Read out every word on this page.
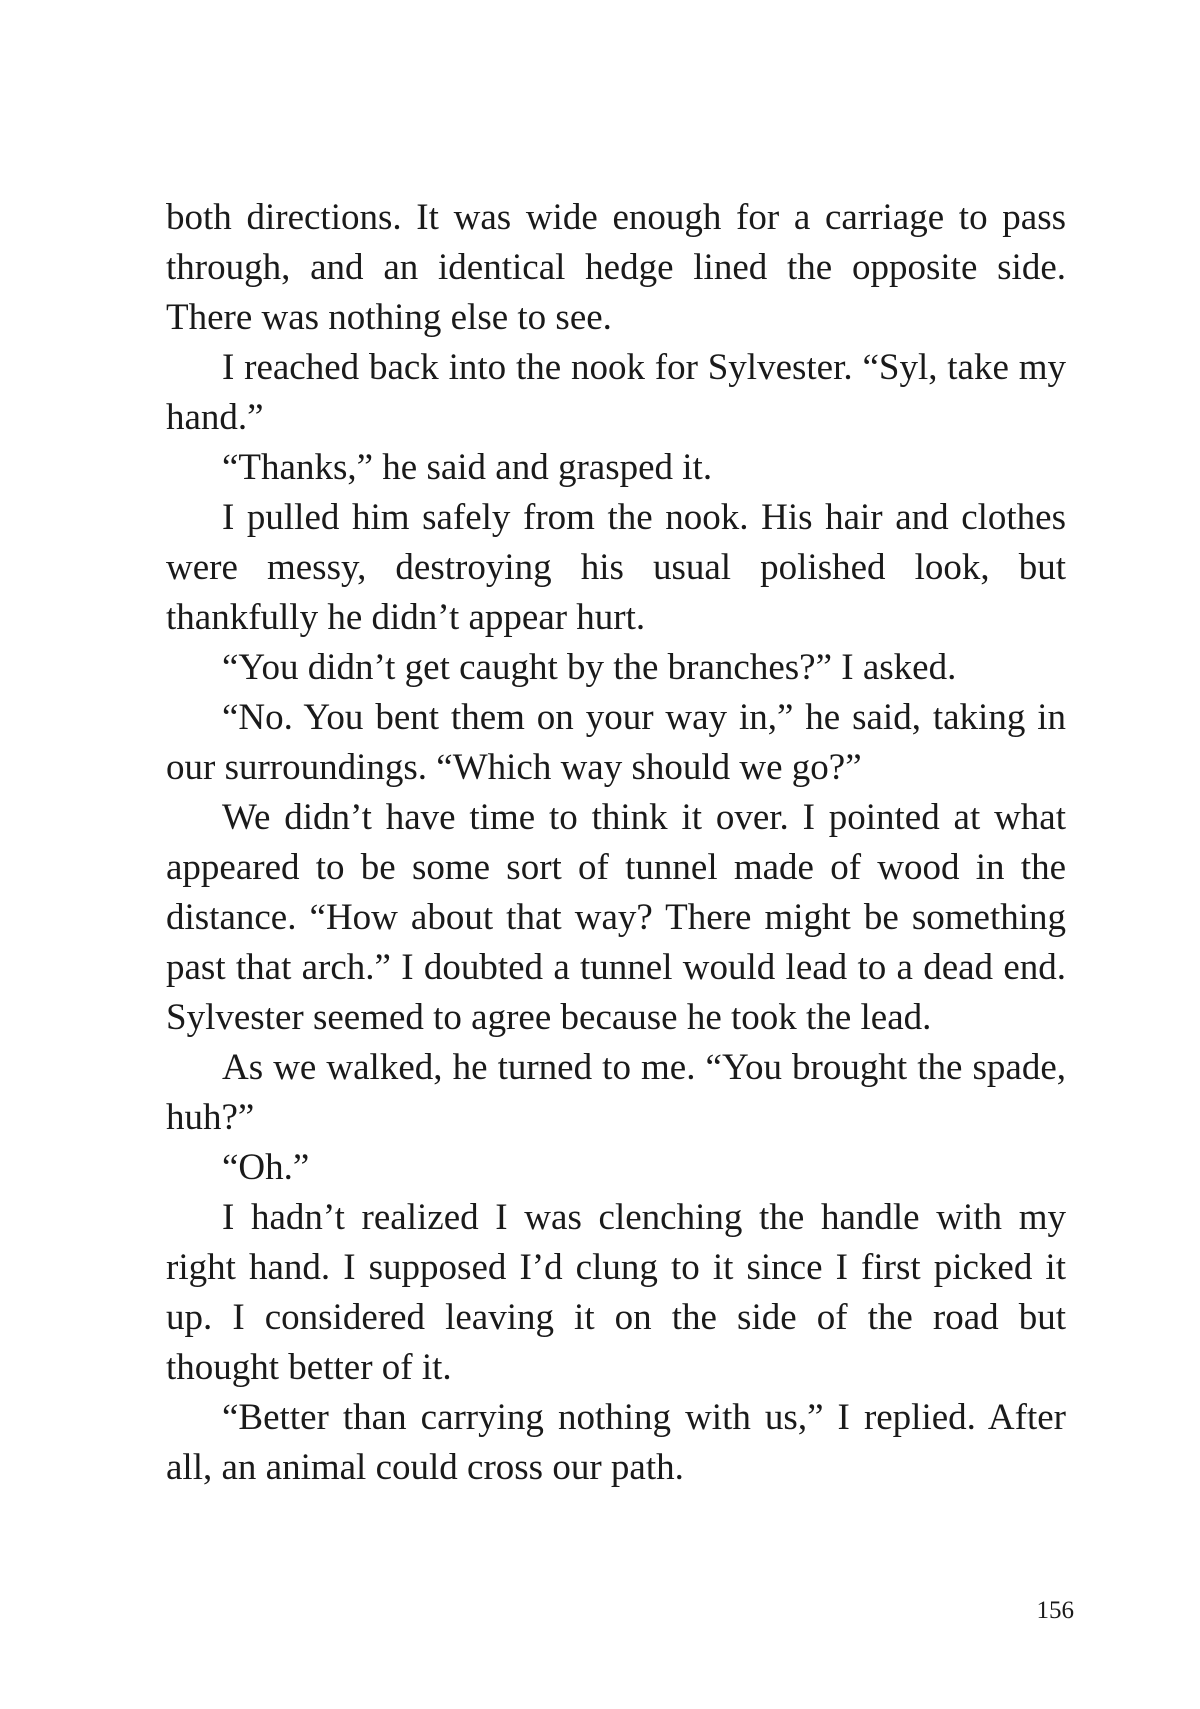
both directions. It was wide enough for a carriage to pass through, and an identical hedge lined the opposite side. There was nothing else to see.

I reached back into the nook for Sylvester. “Syl, take my hand.”

“Thanks,” he said and grasped it.

I pulled him safely from the nook. His hair and clothes were messy, destroying his usual polished look, but thankfully he didn’t appear hurt.

“You didn’t get caught by the branches?” I asked.

“No. You bent them on your way in,” he said, taking in our surroundings. “Which way should we go?”

We didn’t have time to think it over. I pointed at what appeared to be some sort of tunnel made of wood in the distance. “How about that way? There might be something past that arch.” I doubted a tunnel would lead to a dead end. Sylvester seemed to agree because he took the lead.

As we walked, he turned to me. “You brought the spade, huh?”

“Oh.”

I hadn’t realized I was clenching the handle with my right hand. I supposed I’d clung to it since I first picked it up. I considered leaving it on the side of the road but thought better of it.

“Better than carrying nothing with us,” I replied. After all, an animal could cross our path.

156
